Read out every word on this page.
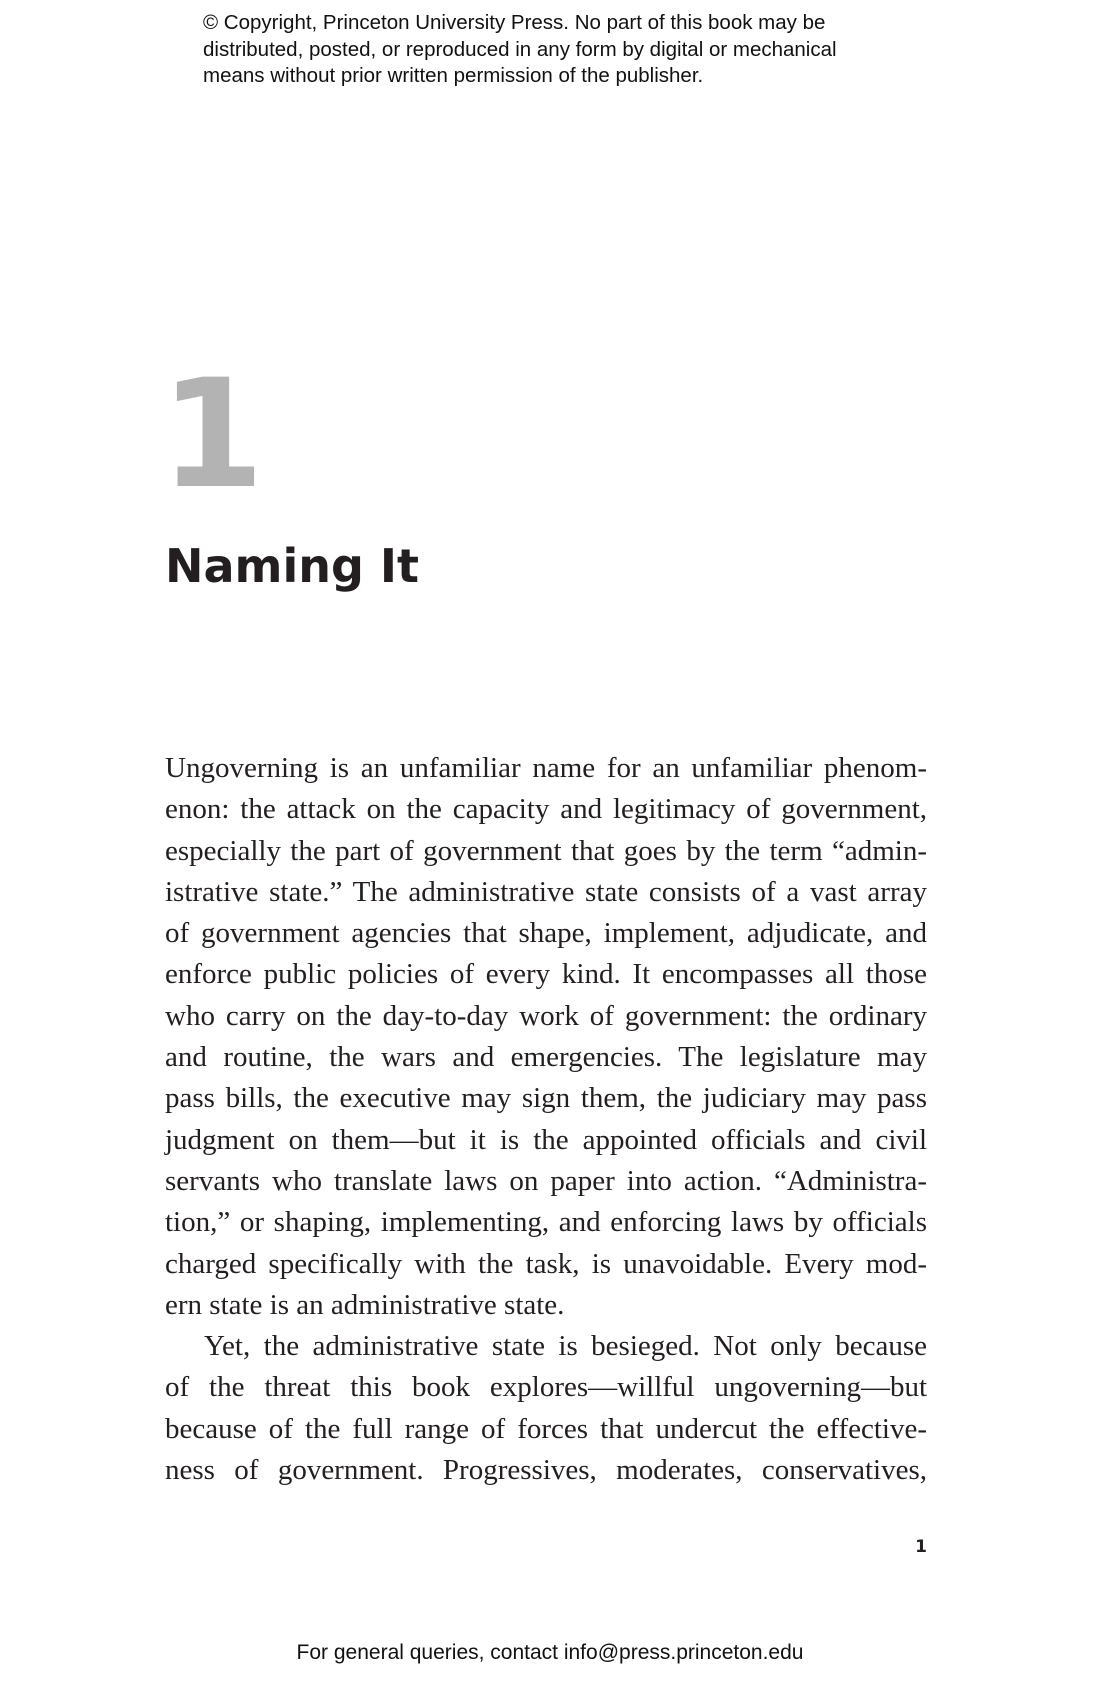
© Copyright, Princeton University Press. No part of this book may be
distributed, posted, or reproduced in any form by digital or mechanical
means without prior written permission of the publisher.
1
Naming It
Ungoverning is an unfamiliar name for an unfamiliar phenom-
enon: the attack on the capacity and legitimacy of government,
especially the part of government that goes by the term “admin-
istrative state.” The administrative state consists of a vast array
of government agencies that shape, implement, adjudicate, and
enforce public policies of every kind. It encompasses all those
who carry on the day-to-day work of government: the ordinary
and routine, the wars and emergencies. The legislature may
pass bills, the executive may sign them, the judiciary may pass
judgment on them—but it is the appointed officials and civil
servants who translate laws on paper into action. “Administra-
tion,” or shaping, implementing, and enforcing laws by officials
charged specifically with the task, is unavoidable. Every mod-
ern state is an administrative state.
Yet, the administrative state is besieged. Not only because
of the threat this book explores—willful ungoverning—but
because of the full range of forces that undercut the effective-
ness of government. Progressives, moderates, conservatives,
1
For general queries, contact info@press.princeton.edu
